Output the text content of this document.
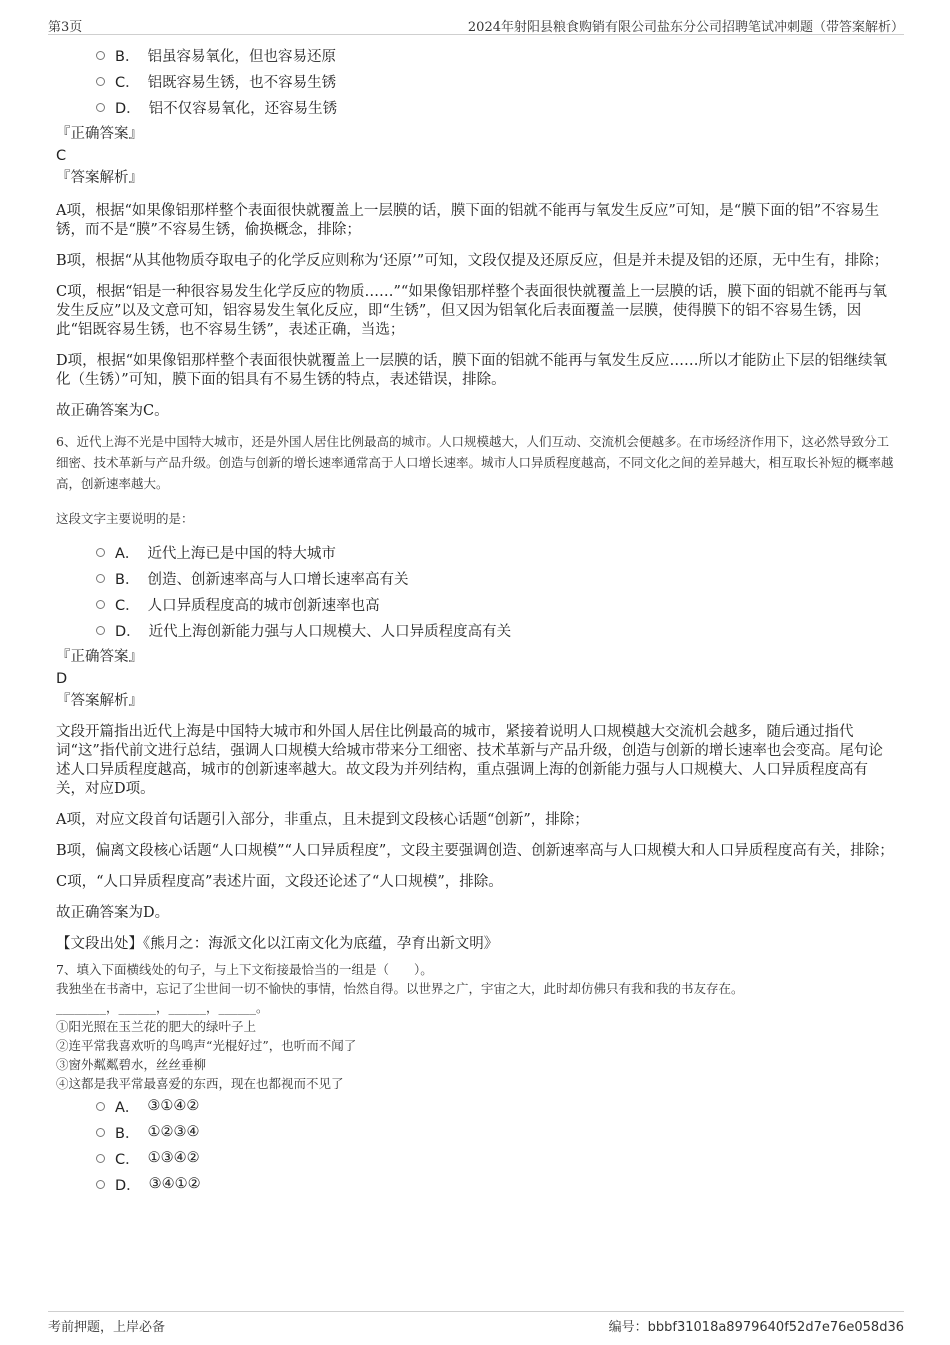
第3页	2024年射阳县粮食购销有限公司盐东分公司招聘笔试冲刺题（带答案解析）
B． 铝虽容易氧化，但也容易还原
C． 铝既容易生锈，也不容易生锈
D． 铝不仅容易氧化，还容易生锈
『正确答案』
C
『答案解析』

A项，根据“如果像铝那样整个表面很快就覆盖上一层膜的话，膜下面的铝就不能再与氧发生反应”可知，是“膜下面的铝”不容易生锈，而不是“膜”不容易生锈，偷换概念，排除；

B项，根据“从其他物质夺取电子的化学反应则称为‘还原’”可知，文段仅提及还原反应，但是并未提及铝的还原，无中生有，排除；

C项，根据“铝是一种很容易发生化学反应的物质……”“如果像铝那样整个表面很快就覆盖上一层膜的话，膜下面的铝就不能再与氧发生反应”以及文意可知，铝容易发生氧化反应，即“生锈”，但又因为铝氧化后表面覆盖一层膜，使得膜下的铝不容易生锈，因此“铝既容易生锈，也不容易生锈”，表述正确，当选；

D项，根据“如果像铝那样整个表面很快就覆盖上一层膜的话，膜下面的铝就不能再与氧发生反应……所以才能防止下层的铝继续氧化（生锈）”可知，膜下面的铝具有不易生锈的特点，表述错误，排除。

故正确答案为C。

6、近代上海不光是中国特大城市，还是外国人居住比例最高的城市。人口规模越大，人们互动、交流机会便越多。在市场经济作用下，这必然导致分工细密、技术革新与产品升级。创造与创新的增长速率通常高于人口增长速率。城市人口异质程度越高，不同文化之间的差异越大，相互取长补短的概率越高，创新速率越大。

这段文字主要说明的是：

A． 近代上海已是中国的特大城市
B． 创造、创新速率高与人口增长速率高有关
C． 人口异质程度高的城市创新速率也高
D． 近代上海创新能力强与人口规模大、人口异质程度高有关
『正确答案』
D
『答案解析』

文段开篇指出近代上海是中国特大城市和外国人居住比例最高的城市，紧接着说明人口规模越大交流机会越多，随后通过指代词“这”指代前文进行总结，强调人口规模大给城市带来分工细密、技术革新与产品升级，创造与创新的增长速率也会变高。尾句论述人口异质程度越高，城市的创新速率越大。故文段为并列结构，重点强调上海的创新能力强与人口规模大、人口异质程度高有关，对应D项。

A项，对应文段首句话题引入部分，非重点，且未提到文段核心话题“创新”，排除；

B项，偏离文段核心话题“人口规模”“人口异质程度”，文段主要强调创造、创新速率高与人口规模大和人口异质程度高有关，排除；

C项，“人口异质程度高”表述片面，文段还论述了“人口规模”，排除。

故正确答案为D。

【文段出处】《熊月之：海派文化以江南文化为底蕴，孕育出新文明》

7、填入下面横线处的句子，与上下文衔接最恰当的一组是（　　）。

我独坐在书斋中，忘记了尘世间一切不愉快的事情，怡然自得。以世界之广，宇宙之大，此时却仿佛只有我和我的书友存在。

________，______，______，______。

①阳光照在玉兰花的肥大的绿叶子上

②连平常我喜欢听的鸟鸣声“光棍好过”，也听而不闻了

③窗外粼粼碧水，丝丝垂柳

④这都是我平常最喜爱的东西，现在也都视而不见了

A． ③①④②
B． ①②③④
C． ①③④②
D． ③④①②
考前押题，上岸必备	编号：bbbf31018a8979640f52d7e76e058d36
